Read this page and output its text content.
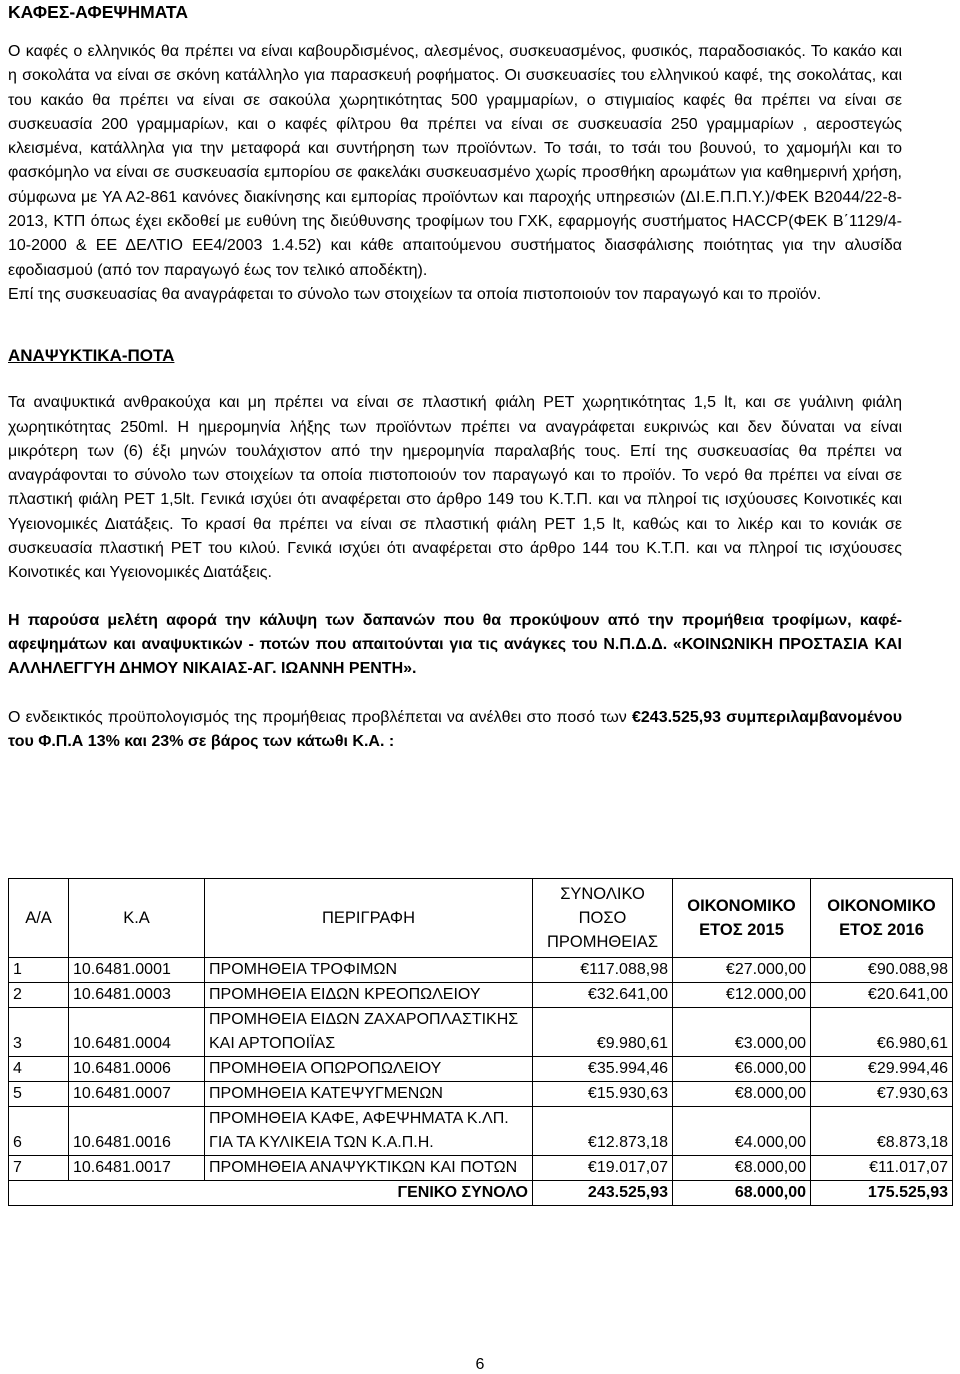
ΚΑΦΕΣ-ΑΦΕΨΗΜΑΤΑ

Ο καφές ο ελληνικός θα πρέπει να είναι καβουρδισμένος, αλεσμένος, συσκευασμένος, φυσικός, παραδοσιακός. Το κακάο και η σοκολάτα να είναι σε σκόνη κατάλληλο για παρασκευή ροφήματος. Οι συσκευασίες του ελληνικού καφέ, της σοκολάτας, και του κακάο θα πρέπει να είναι σε σακούλα χωρητικότητας 500 γραμμαρίων, ο στιγμιαίος καφές θα πρέπει να είναι σε συσκευασία 200 γραμμαρίων, και ο καφές φίλτρου θα πρέπει να είναι σε συσκευασία 250 γραμμαρίων , αεροστεγώς κλεισμένα, κατάλληλα για την μεταφορά και συντήρηση των προϊόντων. Το τσάι, το τσάι του βουνού, το χαμομήλι και το φασκόμηλο να είναι σε συσκευασία εμπορίου σε φακελάκι συσκευασμένο χωρίς προσθήκη αρωμάτων για καθημερινή χρήση, σύμφωνα με ΥΑ Α2-861 κανόνες διακίνησης και εμπορίας προϊόντων και παροχής υπηρεσιών (ΔΙ.Ε.Π.Π.Υ.)/ΦΕΚ Β2044/22-8-2013, ΚΤΠ όπως έχει εκδοθεί με ευθύνη της διεύθυνσης τροφίμων του ΓΧΚ, εφαρμογής συστήματος HACCP(ΦΕΚ Β΄1129/4-10-2000 & ΕΕ ΔΕΛΤΙΟ ΕΕ4/2003 1.4.52) και κάθε απαιτούμενου συστήματος διασφάλισης ποιότητας για την αλυσίδα εφοδιασμού (από τον παραγωγό έως τον τελικό αποδέκτη).

Επί της συσκευασίας θα αναγράφεται το σύνολο των στοιχείων τα οποία πιστοποιούν τον παραγωγό και το προϊόν.

ΑΝΑΨΥΚΤΙΚΑ-ΠΟΤΑ

Τα αναψυκτικά ανθρακούχα και μη πρέπει να είναι σε πλαστική φιάλη PET χωρητικότητας 1,5 lt, και σε γυάλινη φιάλη χωρητικότητας 250ml. Η ημερομηνία λήξης των προϊόντων πρέπει να αναγράφεται ευκρινώς και δεν δύναται να είναι μικρότερη των (6) έξι μηνών τουλάχιστον από την ημερομηνία παραλαβής τους. Επί της συσκευασίας θα πρέπει να αναγράφονται το σύνολο των στοιχείων τα οποία πιστοποιούν τον παραγωγό και το προϊόν. Το νερό θα πρέπει να είναι σε πλαστική φιάλη PET 1,5lt. Γενικά ισχύει ότι αναφέρεται στο άρθρο 149 του Κ.Τ.Π. και να πληροί τις ισχύουσες Κοινοτικές και Υγειονομικές Διατάξεις. Το κρασί θα πρέπει να είναι σε πλαστική φιάλη PET 1,5 lt, καθώς και το λικέρ και το κονιάκ σε συσκευασία πλαστική PET του κιλού. Γενικά ισχύει ότι αναφέρεται στο άρθρο 144 του Κ.Τ.Π. και να πληροί τις ισχύουσες Κοινοτικές και Υγειονομικές Διατάξεις.

Η παρούσα μελέτη αφορά την κάλυψη των δαπανών που θα προκύψουν από την προμήθεια τροφίμων, καφέ-αφεψημάτων και αναψυκτικών - ποτών που απαιτούνται για τις ανάγκες του Ν.Π.Δ.Δ. «ΚΟΙΝΩΝΙΚΗ ΠΡΟΣΤΑΣΙΑ ΚΑΙ ΑΛΛΗΛΕΓΓΥΗ ΔΗΜΟΥ ΝΙΚΑΙΑΣ-ΑΓ. ΙΩΑΝΝΗ ΡΕΝΤΗ».

Ο ενδεικτικός προϋπολογισμός της προμήθειας προβλέπεται να ανέλθει στο ποσό των €243.525,93 συμπεριλαμβανομένου του Φ.Π.Α 13% και 23% σε βάρος των κάτωθι Κ.Α. :

Α/Α	Κ.Α	ΠΕΡΙΓΡΑΦΗ	ΣΥΝΟΛΙΚΟ ΠΟΣΟ ΠΡΟΜΗΘΕΙΑΣ	ΟΙΚΟΝΟΜΙΚΟ ΕΤΟΣ 2015	ΟΙΚΟΝΟΜΙΚΟ ΕΤΟΣ 2016
1	10.6481.0001	ΠΡΟΜΗΘΕΙΑ ΤΡΟΦΙΜΩΝ	€117.088,98	€27.000,00	€90.088,98
2	10.6481.0003	ΠΡΟΜΗΘΕΙΑ ΕΙΔΩΝ ΚΡΕΟΠΩΛΕΙΟΥ	€32.641,00	€12.000,00	€20.641,00
3	10.6481.0004	ΠΡΟΜΗΘΕΙΑ ΕΙΔΩΝ ΖΑΧΑΡΟΠΛΑΣΤΙΚΗΣ ΚΑΙ ΑΡΤΟΠΟΙΪΑΣ	€9.980,61	€3.000,00	€6.980,61
4	10.6481.0006	ΠΡΟΜΗΘΕΙΑ ΟΠΩΡΟΠΩΛΕΙΟΥ	€35.994,46	€6.000,00	€29.994,46
5	10.6481.0007	ΠΡΟΜΗΘΕΙΑ ΚΑΤΕΨΥΓΜΕΝΩΝ	€15.930,63	€8.000,00	€7.930,63
6	10.6481.0016	ΠΡΟΜΗΘΕΙΑ ΚΑΦΕ, ΑΦΕΨΗΜΑΤΑ Κ.ΛΠ. ΓΙΑ ΤΑ ΚΥΛΙΚΕΙΑ ΤΩΝ Κ.Α.Π.Η.	€12.873,18	€4.000,00	€8.873,18
7	10.6481.0017	ΠΡΟΜΗΘΕΙΑ ΑΝΑΨΥΚΤΙΚΩΝ ΚΑΙ ΠΟΤΩΝ	€19.017,07	€8.000,00	€11.017,07
ΓΕΝΙΚΟ ΣΥΝΟΛΟ			243.525,93	68.000,00	175.525,93
6
